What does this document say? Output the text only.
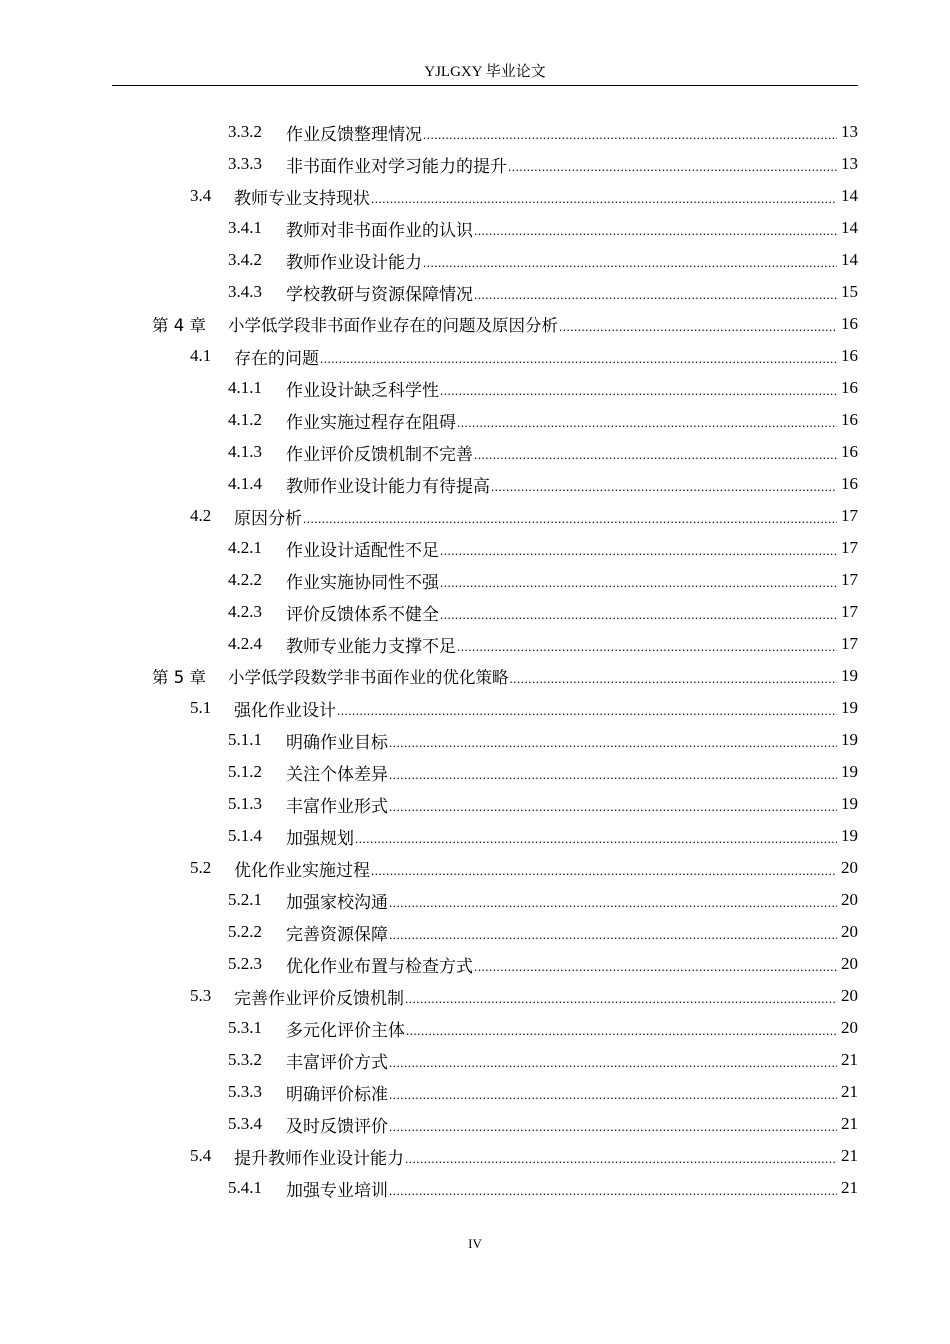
YJLGXY 毕业论文
3.3.2	作业反馈整理情况 .....	13
3.3.3	非书面作业对学习能力的提升 .....	13
3.4	教师专业支持现状 .....	14
3.4.1	教师对非书面作业的认识 .....	14
3.4.2	教师作业设计能力 .....	14
3.4.3	学校教研与资源保障情况 .....	15
第 4 章	小学低学段非书面作业存在的问题及原因分析 .....	16
4.1	存在的问题 .....	16
4.1.1	作业设计缺乏科学性 .....	16
4.1.2	作业实施过程存在阻碍 .....	16
4.1.3	作业评价反馈机制不完善 .....	16
4.1.4	教师作业设计能力有待提高 .....	16
4.2	原因分析 .....	17
4.2.1	作业设计适配性不足 .....	17
4.2.2	作业实施协同性不强 .....	17
4.2.3	评价反馈体系不健全 .....	17
4.2.4	教师专业能力支撑不足 .....	17
第 5 章	小学低学段数学非书面作业的优化策略 .....	19
5.1	强化作业设计 .....	19
5.1.1	明确作业目标 .....	19
5.1.2	关注个体差异 .....	19
5.1.3	丰富作业形式 .....	19
5.1.4	加强规划 .....	19
5.2	优化作业实施过程 .....	20
5.2.1	加强家校沟通 .....	20
5.2.2	完善资源保障 .....	20
5.2.3	优化作业布置与检查方式 .....	20
5.3	完善作业评价反馈机制 .....	20
5.3.1	多元化评价主体 .....	20
5.3.2	丰富评价方式 .....	21
5.3.3	明确评价标准 .....	21
5.3.4	及时反馈评价 .....	21
5.4	提升教师作业设计能力 .....	21
5.4.1	加强专业培训 .....	21
IV
